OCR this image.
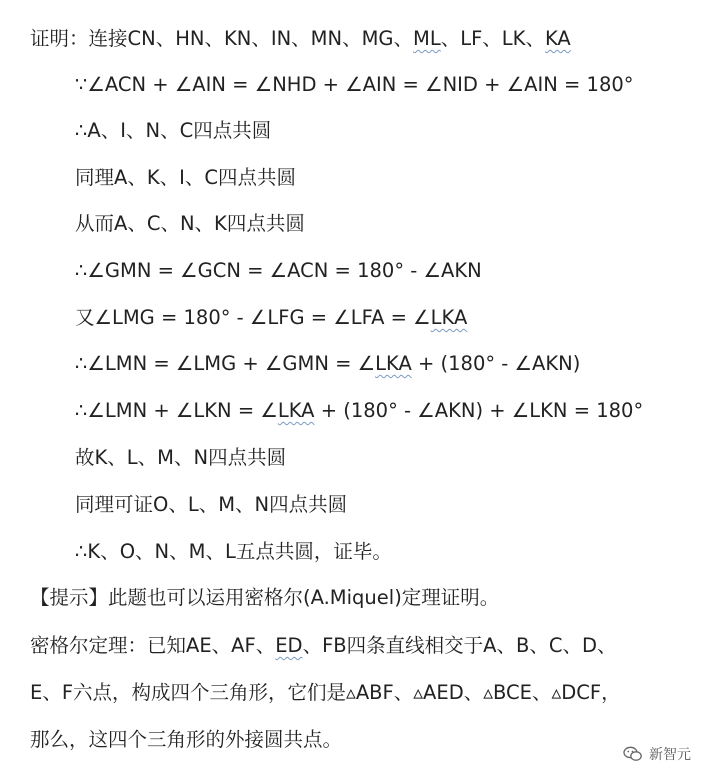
证明：连接CN、HN、KN、IN、MN、MG、ML、LF、LK、KA
∵∠ACN + ∠AIN = ∠NHD + ∠AIN = ∠NID + ∠AIN = 180°
∴A、I、N、C四点共圆
同理A、K、I、C四点共圆
从而A、C、N、K四点共圆
∴∠GMN = ∠GCN = ∠ACN = 180° - ∠AKN
又∠LMG = 180° - ∠LFG = ∠LFA = ∠LKA
∴∠LMN = ∠LMG + ∠GMN = ∠LKA + (180° - ∠AKN)
∴∠LMN + ∠LKN = ∠LKA + (180° - ∠AKN) + ∠LKN = 180°
故K、L、M、N四点共圆
同理可证O、L、M、N四点共圆
∴K、O、N、M、L五点共圆，证毕。
【提示】此题也可以运用密格尔(A.Miquel)定理证明。
密格尔定理：已知AE、AF、ED、FB四条直线相交于A、B、C、D、
E、F六点，构成四个三角形，它们是▵ABF、▵AED、▵BCE、▵DCF，
那么，这四个三角形的外接圆共点。
新智元
